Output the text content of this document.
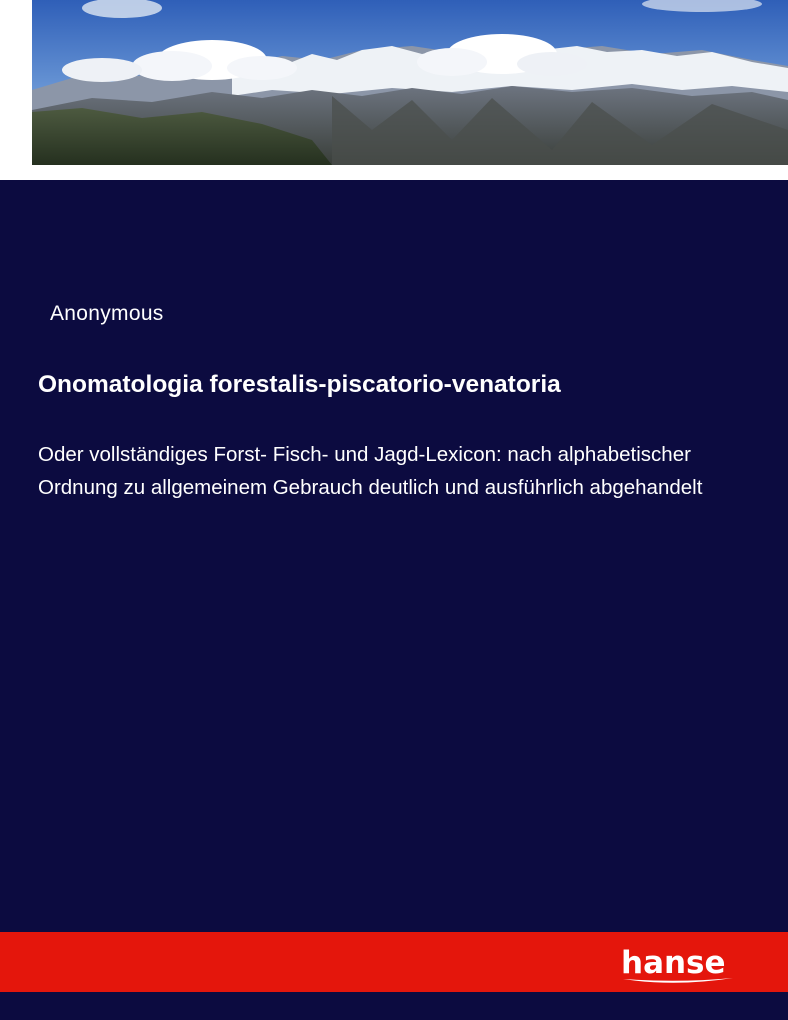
Anonymous
Onomatologia forestalis-piscatorio-venatoria
Oder vollständiges Forst- Fisch- und Jagd-Lexicon: nach alphabetischer Ordnung zu allgemeinem Gebrauch deutlich und ausführlich abgehandelt
hanse
